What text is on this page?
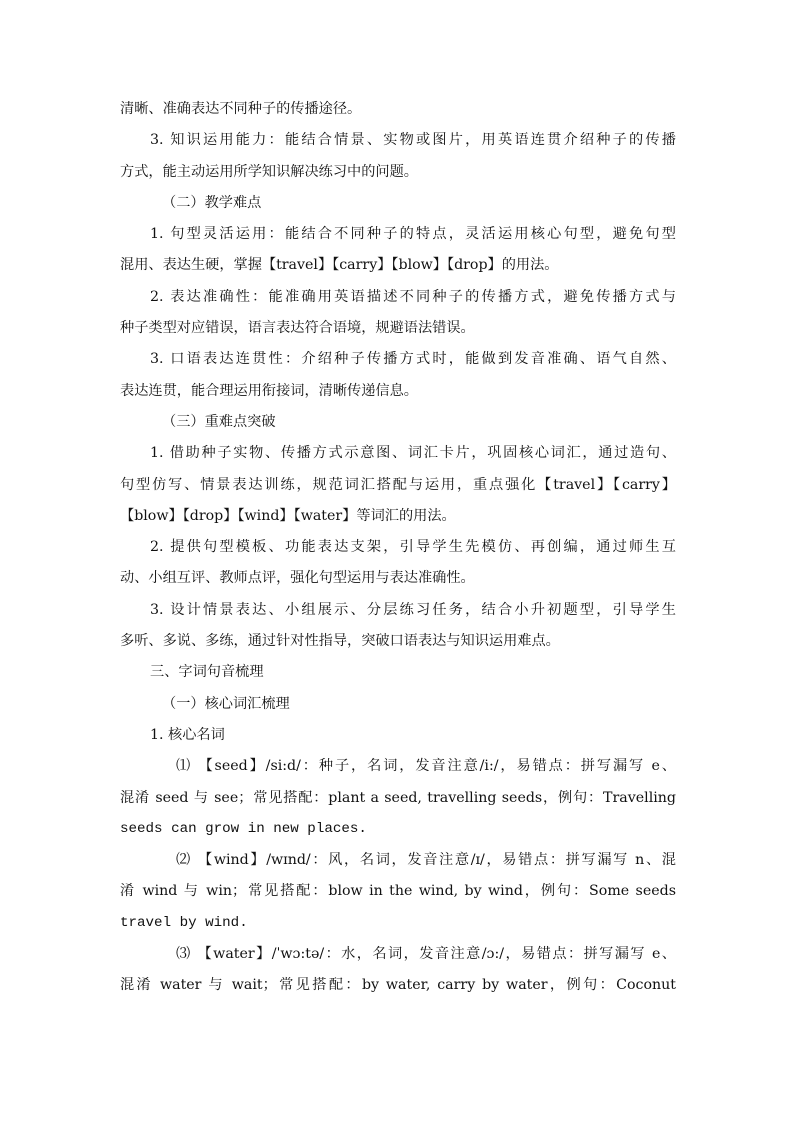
清晰、准确表达不同种子的传播途径。
3. 知识运用能力：能结合情景、实物或图片，用英语连贯介绍种子的传播
方式，能主动运用所学知识解决练习中的问题。
（二）教学难点
1. 句型灵活运用：能结合不同种子的特点，灵活运用核心句型，避免句型
混用、表达生硬，掌握【travel】【carry】【blow】【drop】的用法。
2. 表达准确性：能准确用英语描述不同种子的传播方式，避免传播方式与
种子类型对应错误，语言表达符合语境，规避语法错误。
3. 口语表达连贯性：介绍种子传播方式时，能做到发音准确、语气自然、
表达连贯，能合理运用衔接词，清晰传递信息。
（三）重难点突破
1. 借助种子实物、传播方式示意图、词汇卡片，巩固核心词汇，通过造句、
句型仿写、情景表达训练，规范词汇搭配与运用，重点强化【travel】【carry】
【blow】【drop】【wind】【water】等词汇的用法。
2. 提供句型模板、功能表达支架，引导学生先模仿、再创编，通过师生互
动、小组互评、教师点评，强化句型运用与表达准确性。
3. 设计情景表达、小组展示、分层练习任务，结合小升初题型，引导学生
多听、多说、多练，通过针对性指导，突破口语表达与知识运用难点。
三、字词句音梳理
（一）核心词汇梳理
1. 核心名词
⑴ 【seed】/si:d/：种子，名词，发音注意/i:/，易错点：拼写漏写 e、
混淆 seed 与 see；常见搭配：plant a seed, travelling seeds，例句：Travelling
seeds can grow in new places.
⑵ 【wind】/wɪnd/：风，名词，发音注意/ɪ/，易错点：拼写漏写 n、混
淆 wind 与 win；常见搭配：blow in the wind, by wind，例句：Some seeds
travel by wind.
⑶ 【water】/ˈwɔ:tə/：水，名词，发音注意/ɔ:/，易错点：拼写漏写 e、
混淆 water 与 wait；常见搭配：by water, carry by water，例句：Coconut
